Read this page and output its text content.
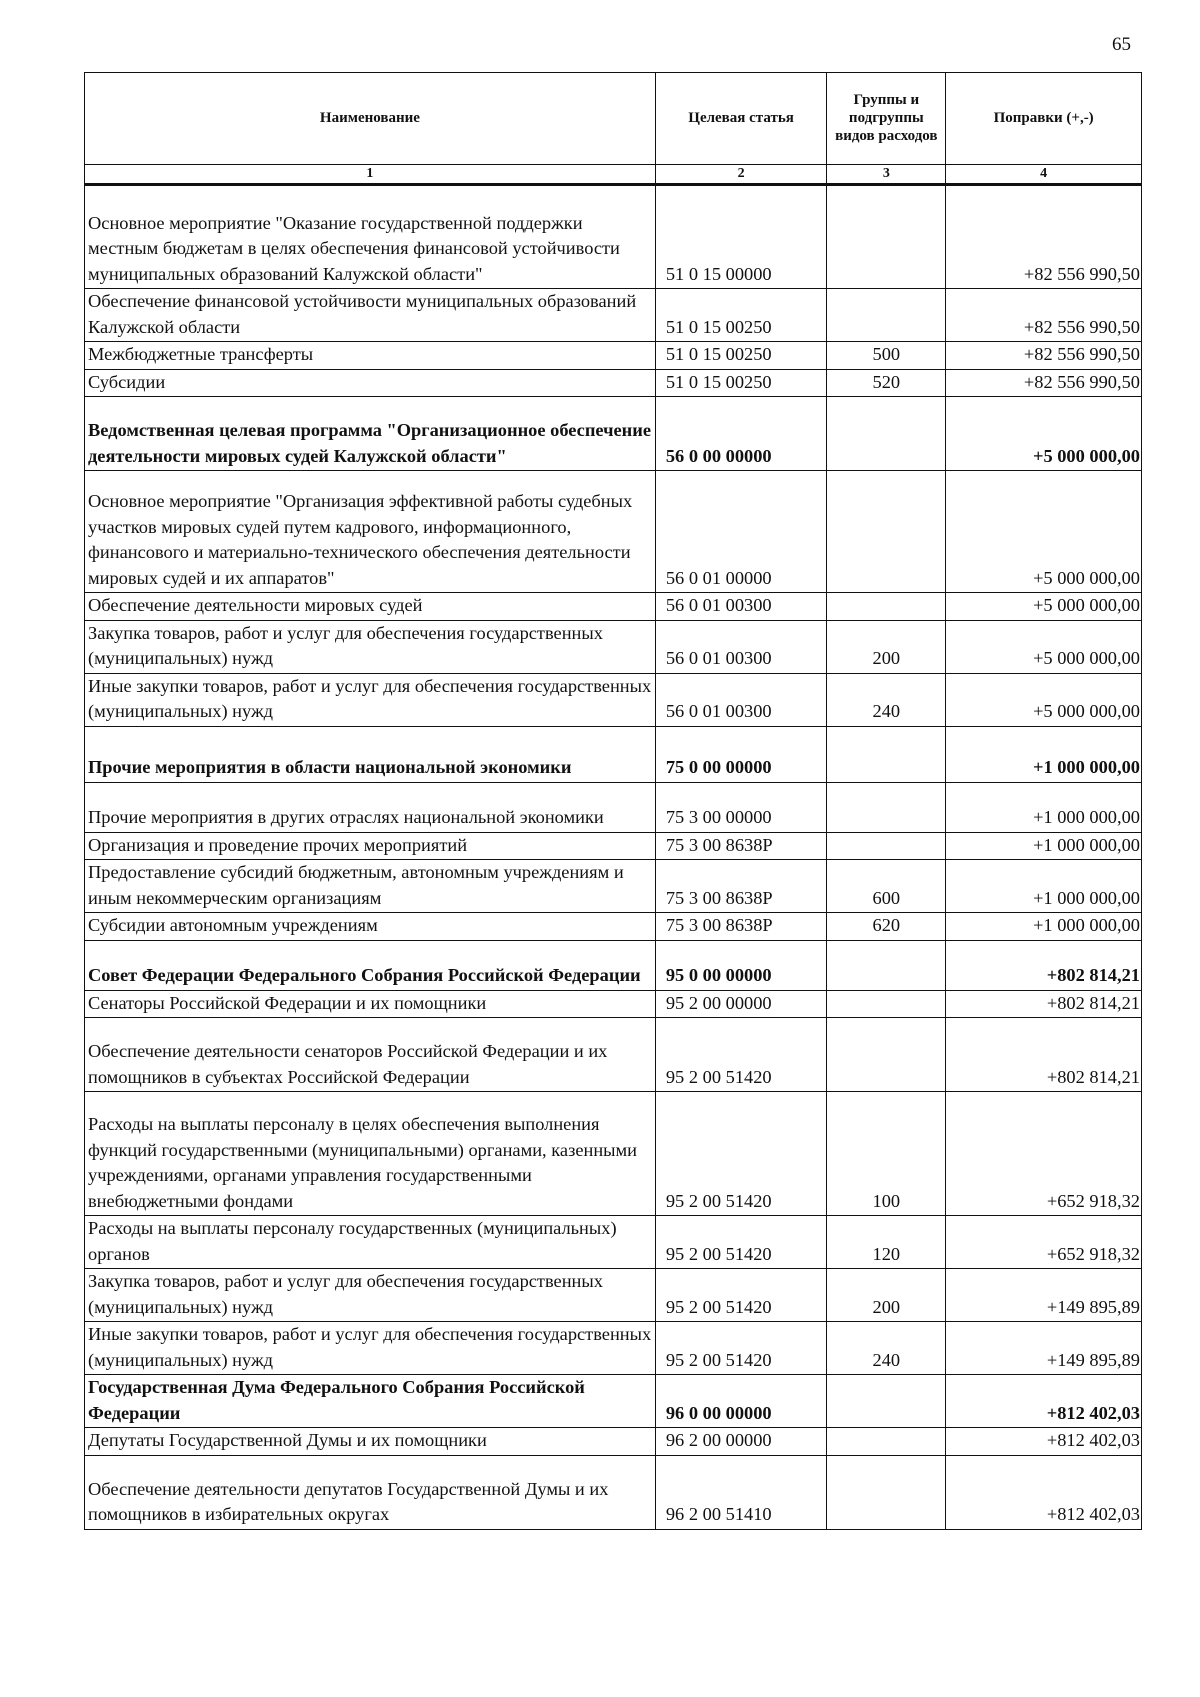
65
Наименование	Целевая статья	Группы и подгруппы видов расходов	Поправки (+,-)
1	2	3	4
Основное мероприятие "Оказание государственной поддержки местным бюджетам в целях обеспечения финансовой устойчивости муниципальных образований Калужской области"	51 0 15 00000		+82 556 990,50
Обеспечение финансовой устойчивости муниципальных образований Калужской области	51 0 15 00250		+82 556 990,50
Межбюджетные трансферты	51 0 15 00250	500	+82 556 990,50
Субсидии	51 0 15 00250	520	+82 556 990,50
Ведомственная целевая программа "Организационное обеспечение деятельности мировых судей Калужской области"	56 0 00 00000		+5 000 000,00
Основное мероприятие "Организация эффективной работы судебных участков мировых судей путем кадрового, информационного, финансового и материально-технического обеспечения деятельности мировых судей и их аппаратов"	56 0 01 00000		+5 000 000,00
Обеспечение деятельности мировых судей	56 0 01 00300		+5 000 000,00
Закупка товаров, работ и услуг для обеспечения государственных (муниципальных) нужд	56 0 01 00300	200	+5 000 000,00
Иные закупки товаров, работ и услуг для обеспечения государственных (муниципальных) нужд	56 0 01 00300	240	+5 000 000,00
Прочие мероприятия в области национальной экономики	75 0 00 00000		+1 000 000,00
Прочие мероприятия в других отраслях национальной экономики	75 3 00 00000		+1 000 000,00
Организация и проведение прочих мероприятий	75 3 00 8638P		+1 000 000,00
Предоставление субсидий бюджетным, автономным учреждениям и иным некоммерческим организациям	75 3 00 8638P	600	+1 000 000,00
Субсидии автономным учреждениям	75 3 00 8638P	620	+1 000 000,00
Совет Федерации Федерального Собрания Российской Федерации	95 0 00 00000		+802 814,21
Сенаторы Российской Федерации и их помощники	95 2 00 00000		+802 814,21
Обеспечение деятельности сенаторов Российской Федерации и их помощников в субъектах Российской Федерации	95 2 00 51420		+802 814,21
Расходы на выплаты персоналу в целях обеспечения выполнения функций государственными (муниципальными) органами, казенными учреждениями, органами управления государственными внебюджетными фондами	95 2 00 51420	100	+652 918,32
Расходы на выплаты персоналу государственных (муниципальных) органов	95 2 00 51420	120	+652 918,32
Закупка товаров, работ и услуг для обеспечения государственных (муниципальных) нужд	95 2 00 51420	200	+149 895,89
Иные закупки товаров, работ и услуг для обеспечения государственных (муниципальных) нужд	95 2 00 51420	240	+149 895,89
Государственная Дума Федерального Собрания Российской Федерации	96 0 00 00000		+812 402,03
Депутаты Государственной Думы и их помощники	96 2 00 00000		+812 402,03
Обеспечение деятельности депутатов Государственной Думы и их помощников в избирательных округах	96 2 00 51410		+812 402,03
